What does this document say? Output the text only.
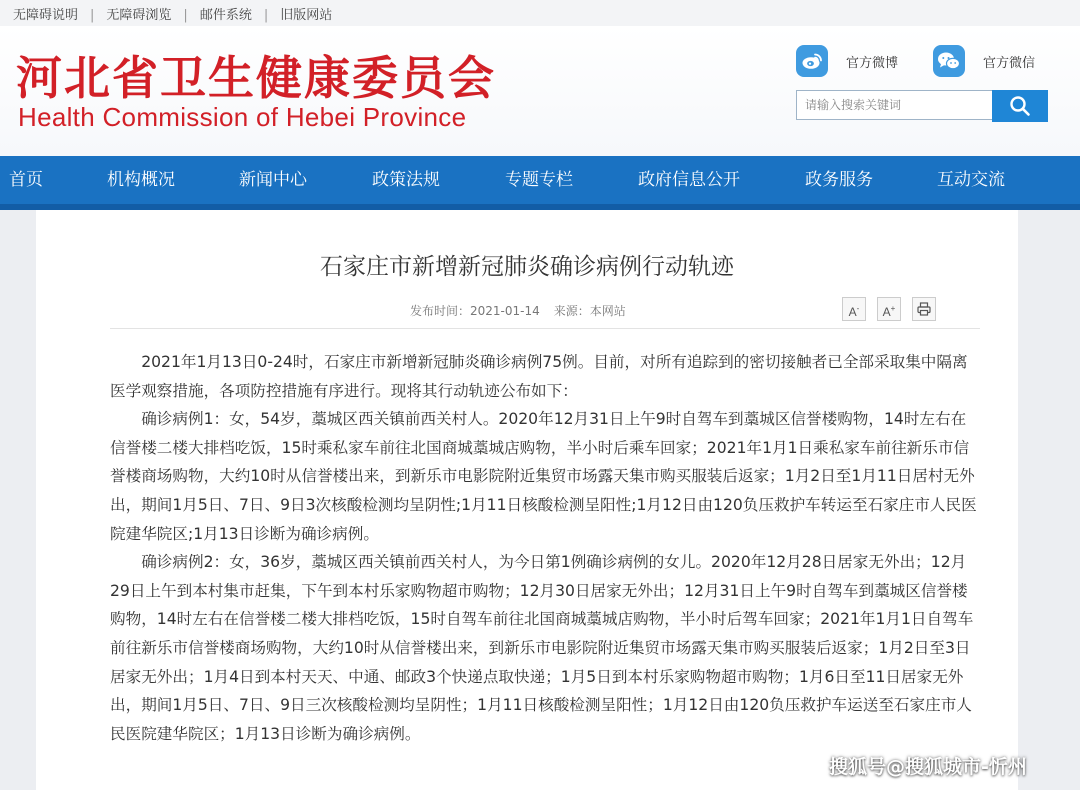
无障碍说明 | 无障碍浏览 | 邮件系统 | 旧版网站
河北省卫生健康委员会
Health Commission of Hebei Province
官方微博	官方微信
请输入搜索关键词
首页	机构概况	新闻中心	政策法规	专题专栏	政府信息公开	政务服务	互动交流
石家庄市新增新冠肺炎确诊病例行动轨迹
发布时间：2021-01-14 来源：本网站	A-	A+

2021年1月13日0-24时，石家庄市新增新冠肺炎确诊病例75例。目前，对所有追踪到的密切接触者已全部采取集中隔离医学观察措施，各项防控措施有序进行。现将其行动轨迹公布如下：

确诊病例1：女，54岁，藁城区西关镇前西关村人。2020年12月31日上午9时自驾车到藁城区信誉楼购物，14时左右在信誉楼二楼大排档吃饭，15时乘私家车前往北国商城藁城店购物，半小时后乘车回家；2021年1月1日乘私家车前往新乐市信誉楼商场购物，大约10时从信誉楼出来，到新乐市电影院附近集贸市场露天集市购买服装后返家；1月2日至1月11日居村无外出，期间1月5日、7日、9日3次核酸检测均呈阴性;1月11日核酸检测呈阳性;1月12日由120负压救护车转运至石家庄市人民医院建华院区;1月13日诊断为确诊病例。

确诊病例2：女，36岁，藁城区西关镇前西关村人，为今日第1例确诊病例的女儿。2020年12月28日居家无外出；12月29日上午到本村集市赶集，下午到本村乐家购物超市购物；12月30日居家无外出；12月31日上午9时自驾车到藁城区信誉楼购物，14时左右在信誉楼二楼大排档吃饭，15时自驾车前往北国商城藁城店购物，半小时后驾车回家；2021年1月1日自驾车前往新乐市信誉楼商场购物，大约10时从信誉楼出来，到新乐市电影院附近集贸市场露天集市购买服装后返家；1月2日至3日居家无外出；1月4日到本村天天、中通、邮政3个快递点取快递；1月5日到本村乐家购物超市购物；1月6日至11日居家无外出，期间1月5日、7日、9日三次核酸检测均呈阴性；1月11日核酸检测呈阳性；1月12日由120负压救护车运送至石家庄市人民医院建华院区；1月13日诊断为确诊病例。

搜狐号@搜狐城市-忻州
